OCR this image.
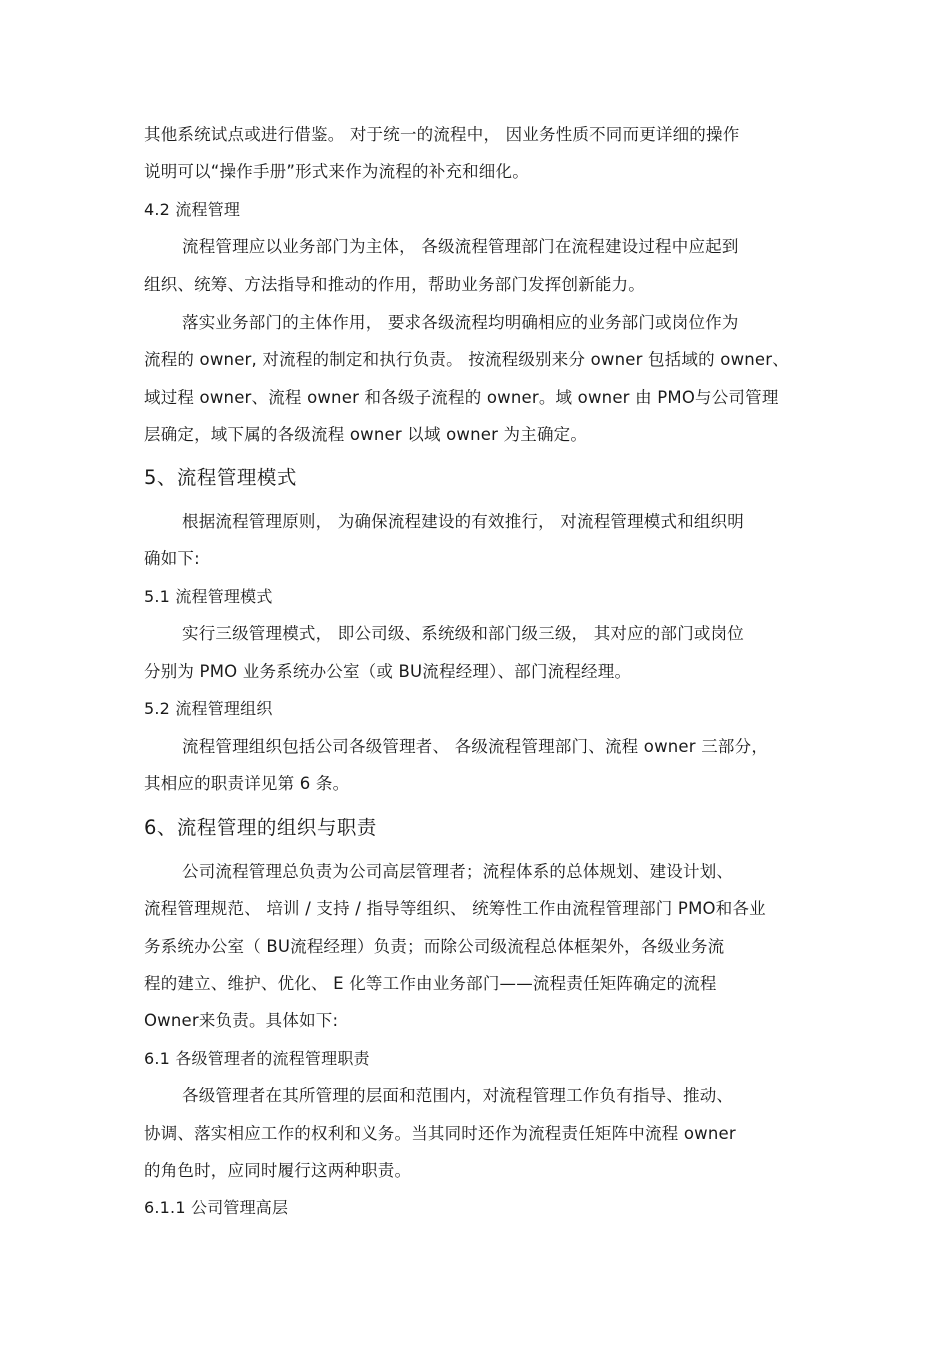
其他系统试点或进行借鉴。 对于统一的流程中， 因业务性质不同而更详细的操作
说明可以“操作手册”形式来作为流程的补充和细化。
4.2 流程管理
流程管理应以业务部门为主体， 各级流程管理部门在流程建设过程中应起到
组织、统筹、方法指导和推动的作用，帮助业务部门发挥创新能力。
落实业务部门的主体作用， 要求各级流程均明确相应的业务部门或岗位作为
流程的 owner, 对流程的制定和执行负责。 按流程级别来分 owner 包括域的 owner、
域过程 owner、流程 owner 和各级子流程的 owner。域 owner 由 PMO与公司管理
层确定，域下属的各级流程 owner 以域 owner 为主确定。
5、流程管理模式
根据流程管理原则， 为确保流程建设的有效推行， 对流程管理模式和组织明
确如下:
5.1 流程管理模式
实行三级管理模式， 即公司级、系统级和部门级三级， 其对应的部门或岗位
分别为 PMO 业务系统办公室（或 BU流程经理）、部门流程经理。
5.2 流程管理组织
流程管理组织包括公司各级管理者、 各级流程管理部门、流程 owner 三部分，
其相应的职责详见第 6 条。
6、流程管理的组织与职责
公司流程管理总负责为公司高层管理者；流程体系的总体规划、建设计划、
流程管理规范、 培训 / 支持 / 指导等组织、 统筹性工作由流程管理部门 PMO和各业
务系统办公室（ BU流程经理）负责；而除公司级流程总体框架外，各级业务流
程的建立、维护、优化、 E 化等工作由业务部门——流程责任矩阵确定的流程
Owner来负责。具体如下:
6.1 各级管理者的流程管理职责
各级管理者在其所管理的层面和范围内，对流程管理工作负有指导、推动、
协调、落实相应工作的权利和义务。当其同时还作为流程责任矩阵中流程 owner
的角色时，应同时履行这两种职责。
6.1.1 公司管理高层
